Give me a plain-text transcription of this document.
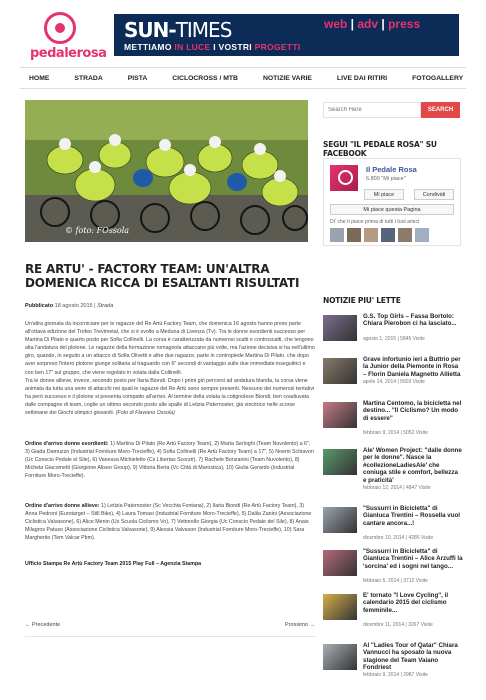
pedalerosa
SUN-TIMES	web | adv | press
METTIAMO IN LUCE I VOSTRI PROGETTI
HOME	STRADA	PISTA	CICLOCROSS / MTB	NOTIZIE VARIE	LIVE DAI RITIRI	FOTOGALLERY
© foto: FOssola
RE ARTU' - FACTORY TEAM: UN'ALTRA DOMENICA RICCA DI ESALTANTI RISULTATI
Pubblicato 18 agosto 2015 | Strada
Un'altra giornata da incorniciare per le ragazze del Re Artù Factory Team, che domenica 16 agosto hanno preso parte all'ottava edizione del Trofeo Trevimetal, che si è svolto a Meduna di Livenza (Tv). Tra le donne esordienti successo per Martina Di Pilato e quarto posto per Sofia Collinelli. La corsa è caratterizzata da numerosi scatti e controscatti, che tengono alta l'andatura del plotone. Le ragazze della formazione romagnola attaccano più volte, ma l'azione decisiva si ha nell'ultimo giro, quando, in seguito a un attacco di Sofia Olivetti e altre due ragazze, parte in contropiede Martina Di Pilato, che dopo aver sorpreso l'intero plotone giunge solitaria al traguardo con 6" secondi di vantaggio sulle due immediate inseguitrici e con ben 17" sul gruppo, che viene regolato in volata dalla Collinelli.
Tra le donne allieve, invece, secondo posto per Ilaria Biondi. Dopo i primi giri percorsi ad andatura blanda, la corsa viene animata da tutta una serie di attacchi nei quali le ragazze del Re Artù sono sempre presenti. Nessuno dei numerosi tentativi ha però successo e il plotone si presenta compatto all'arrivo. Al termine della volata la cotignolese Biondi, ben coadiuvata dalle compagne di team, coglie un ottimo secondo posto alle spalle di Letizia Paternoster, già vincitrice nelle scorse settimane dei Giochi olimpici giovanili. (Foto di Flaviano Ossola)
Ordine d'arrivo donne esordienti: 1) Martina Di Pilato (Re Artù Factory Team), 2) Marta Serloghi (Team Nuvolento) a 6", 3) Giada Damuzzo (Industrial Forniture Moro-Trecieffe), 4) Sofia Collinelli (Re Artù Factory Team) a 17", 5) Noemi Schiavon (Uc Conscio Pedale el Sile), 6) Vanessa Michieletto (Cs Libertas Scorzè), 7) Rachele Bonzanini (Team Nuvolento), 8) Michela Giacometti (Giorgione Aliseo Group), 9) Vittoria Berta (Vc Città di Marostica), 10) Giulia Gerardo (Industrial Forniture Moro-Trecieffe).
Ordine d'arrivo donne allieve: 1) Letizia Paternoster (Sc Vecchia Fontana), 2) Ilaria Biondi (Re Artù Factory Team), 3) Anna Pedroni (Eurotarget – Still Bike), 4) Laura Tomasi (Industrial Forniture Moro-Trecieffe), 5) Dalila Zanini (Associazione Ciclistica Valvasone), 6) Alice Menin (Us Scuola Ciclismo Vo), 7) Vettorello Giorgia (Uc Conscio Pedale del Sile), 8) Anais Milagros Patuso (Associazione Ciclistica Valvasone), 9) Alessia Valvason (Industrial Forniture Moro-Trecieffe), 10) Sara Margherito (Tem Valcar Pbm).
Ufficio Stampa Re Artù Factory Team 2015 Play Full – Agenzia Stampa
← Precedente	Prossimo →
Search Here
SEARCH
SEGUI "IL PEDALE ROSA" SU FACEBOOK
Il Pedale Rosa
6.800 "Mi piace"
Mi piace	Condividi
Mi piace questa Pagina
Di' che ti piace prima di tutti i tuoi amici
NOTIZIE PIU' LETTE
G.S. Top Girls – Fassa Bortolo: Chiara Pierobon ci ha lasciato...
agosto 1, 2015 | 5845 Visite
Grave infortunio ieri a Buttrio per la Junior della Piemonte in Rosa – Florin Daniela Magnetto Allietta
aprile 14, 2014 | 5603 Visite
Martina Centomo, la bicicletta nel destino... "Il Ciclismo? Un modo di essere"
febbraio 9, 2014 | 5052 Visite
Ale' Women Project: "dalle donne per le donne". Nasce la #collezioneLadiesAle' che coniuga stile e comfort, bellezza e praticità'
febbraio 12, 2014 | 4847 Visite
"Sussurri in Bicicletta" di Gianluca Trentini – Rossella vuol cantare ancora...!
dicembre 10, 2014 | 4286 Visite
"Sussurri in Bicicletta" di Gianluca Trentini – Alice Arzuffi la 'sorcina' ed i sogni nel tango...
febbraio 5, 2014 | 3712 Visite
E' tornato "I Love Cycling", il calendario 2015 del ciclismo femminile...
dicembre 11, 2014 | 3267 Visite
Al "Ladies Tour of Qatar" Chiara Vannucci ha sposato la nuova stagione del Team Vaiano Fondriest
febbraio 9, 2014 | 2987 Visite
